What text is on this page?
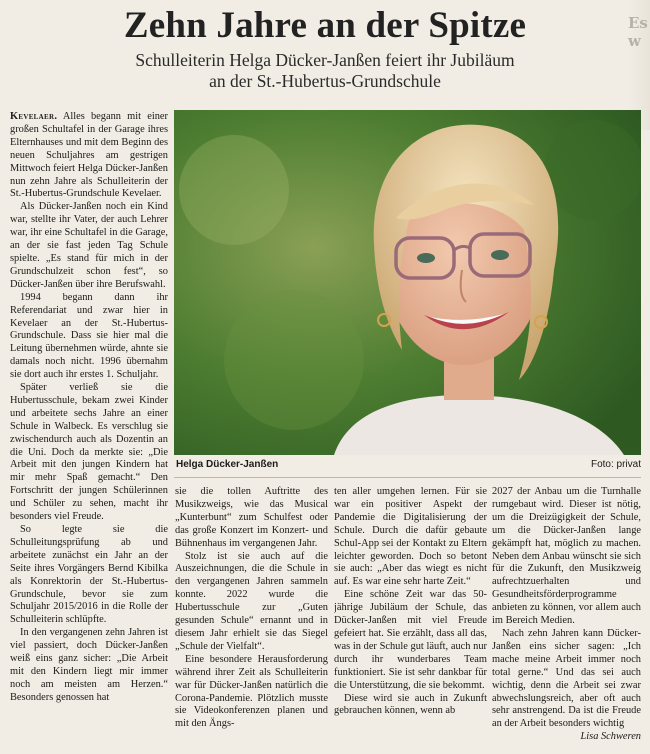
Zehn Jahre an der Spitze
Schulleiterin Helga Dücker-Janßen feiert ihr Jubiläum
an der St.-Hubertus-Grundschule
Es w

Kevelaer. Alles begann mit einer großen Schultafel in der Garage ihres Elternhauses und mit dem Beginn des neuen Schuljahres am gestrigen Mittwoch feiert Helga Dücker-Janßen nun zehn Jahre als Schulleiterin der St.-Hubertus-Grundschule Kevelaer.

Als Dücker-Janßen noch ein Kind war, stellte ihr Vater, der auch Lehrer war, ihr eine Schultafel in die Garage, an der sie fast jeden Tag Schule spielte. „Es stand für mich in der Grundschulzeit schon fest“, so Dücker-Janßen über ihre Berufswahl.

1994 begann dann ihr Referendariat und zwar hier in Kevelaer an der St.-Hubertus-Grundschule. Dass sie hier mal die Leitung übernehmen würde, ahnte sie damals noch nicht. 1996 übernahm sie dort auch ihr erstes 1. Schuljahr.

Später verließ sie die Hubertusschule, bekam zwei Kinder und arbeitete sechs Jahre an einer Schule in Walbeck. Es verschlug sie zwischendurch auch als Dozentin an die Uni. Doch da merkte sie: „Die Arbeit mit den jungen Kindern hat mir mehr Spaß gemacht.“ Den Fortschritt der jungen Schülerinnen und Schüler zu sehen, macht ihr besonders viel Freude.

So legte sie die Schulleitungsprüfung ab und arbeitete zunächst ein Jahr an der Seite ihres Vorgängers Bernd Kibilka als Konrektorin der St.-Hubertus-Grundschule, bevor sie zum Schuljahr 2015/2016 in die Rolle der Schulleiterin schlüpfte.

In den vergangenen zehn Jahren ist viel passiert, doch Dücker-Janßen weiß eins ganz sicher: „Die Arbeit mit den Kindern liegt mir immer noch am meisten am Herzen.“ Besonders genossen hat

Helga Dücker-Janßen	Foto: privat

sie die tollen Auftritte des Musikzweigs, wie das Musical „Kunterbunt“ zum Schulfest oder das große Konzert im Konzert- und Bühnenhaus im vergangenen Jahr.

Stolz ist sie auch auf die Auszeichnungen, die die Schule in den vergangenen Jahren sammeln konnte. 2022 wurde die Hubertusschule zur „Guten gesunden Schule“ ernannt und in diesem Jahr erhielt sie das Siegel „Schule der Vielfalt“.

Eine besondere Herausforderung während ihrer Zeit als Schulleiterin war für Dücker-Janßen natürlich die Corona-Pandemie. Plötzlich musste sie Videokonferenzen planen und mit den Ängs-

ten aller umgehen lernen. Für sie war ein positiver Aspekt der Pandemie die Digitalisierung der Schule. Durch die dafür gebaute Schul-App sei der Kontakt zu Eltern leichter geworden. Doch so betont sie auch: „Aber das wiegt es nicht auf. Es war eine sehr harte Zeit.“

Eine schöne Zeit war das 50-jährige Jubiläum der Schule, das Dücker-Janßen mit viel Freude gefeiert hat. Sie erzählt, dass all das, was in der Schule gut läuft, auch nur durch ihr wunderbares Team funktioniert. Sie ist sehr dankbar für die Unterstützung, die sie bekommt.

Diese wird sie auch in Zukunft gebrauchen können, wenn ab

2027 der Anbau um die Turnhalle rumgebaut wird. Dieser ist nötig, um die Dreizügigkeit der Schule, um die Dücker-Janßen lange gekämpft hat, möglich zu machen. Neben dem Anbau wünscht sie sich für die Zukunft, den Musikzweig aufrechtzuerhalten und Gesundheitsförderprogramme anbieten zu können, vor allem auch im Bereich Medien.

Nach zehn Jahren kann Dücker-Janßen eins sicher sagen: „Ich mache meine Arbeit immer noch total gerne.“ Und das sei auch wichtig, denn die Arbeit sei zwar abwechslungsreich, aber oft auch sehr anstrengend. Da ist die Freude an der Arbeit besonders wichtig

Lisa Schweren
